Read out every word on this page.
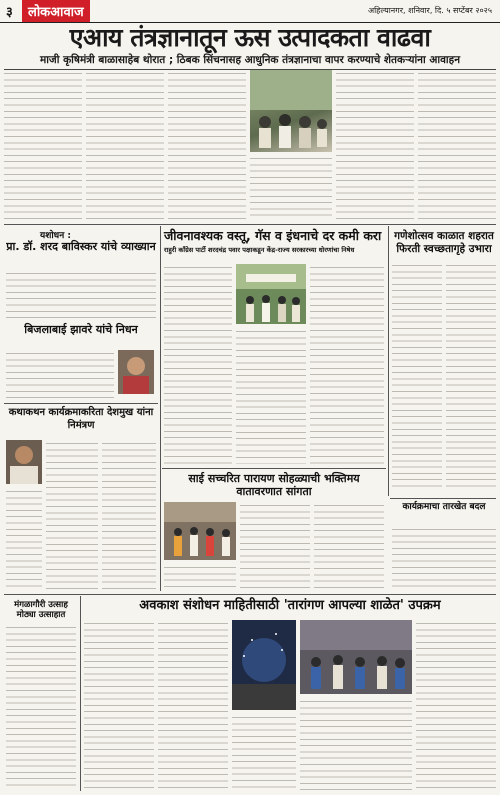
३	लोकआवाज	अहिल्यानगर, शनिवार, दि. ५ सप्टेंबर २०२५
एआय तंत्रज्ञानातून ऊस उत्पादकता वाढवा
माजी कृषिमंत्री बाळासाहेब थोरात ; ठिबक सिंचनासह आधुनिक तंत्रज्ञानाचा वापर करण्याचे शेतकऱ्यांना आवाहन
यशोधन :
प्रा. डॉ. शरद बाविस्कर यांचे व्याख्यान
बिजलाबाई झावरे यांचे निधन
कथाकथन कार्यक्रमाकरिता देशमुख यांना निमंत्रण
जीवनावश्यक वस्तू, गॅस व इंधनाचे दर कमी करा
राहुरी काँग्रेस पार्टी शरदचंद्र पवार पक्षाकडून केंद्र-राज्य सरकारच्या धोरणांचा निषेध
गणेशोत्सव काळात शहरात फिरती स्वच्छतागृहे उभारा
साई सच्चरित पारायण सोहळ्याची भक्तिमय वातावरणात सांगता
कार्यक्रमाचा तारखेत बदल
मंगळागौरी उत्साह मोठ्या उत्साहात
अवकाश संशोधन माहितीसाठी 'तारांगण आपल्या शाळेत' उपक्रम
